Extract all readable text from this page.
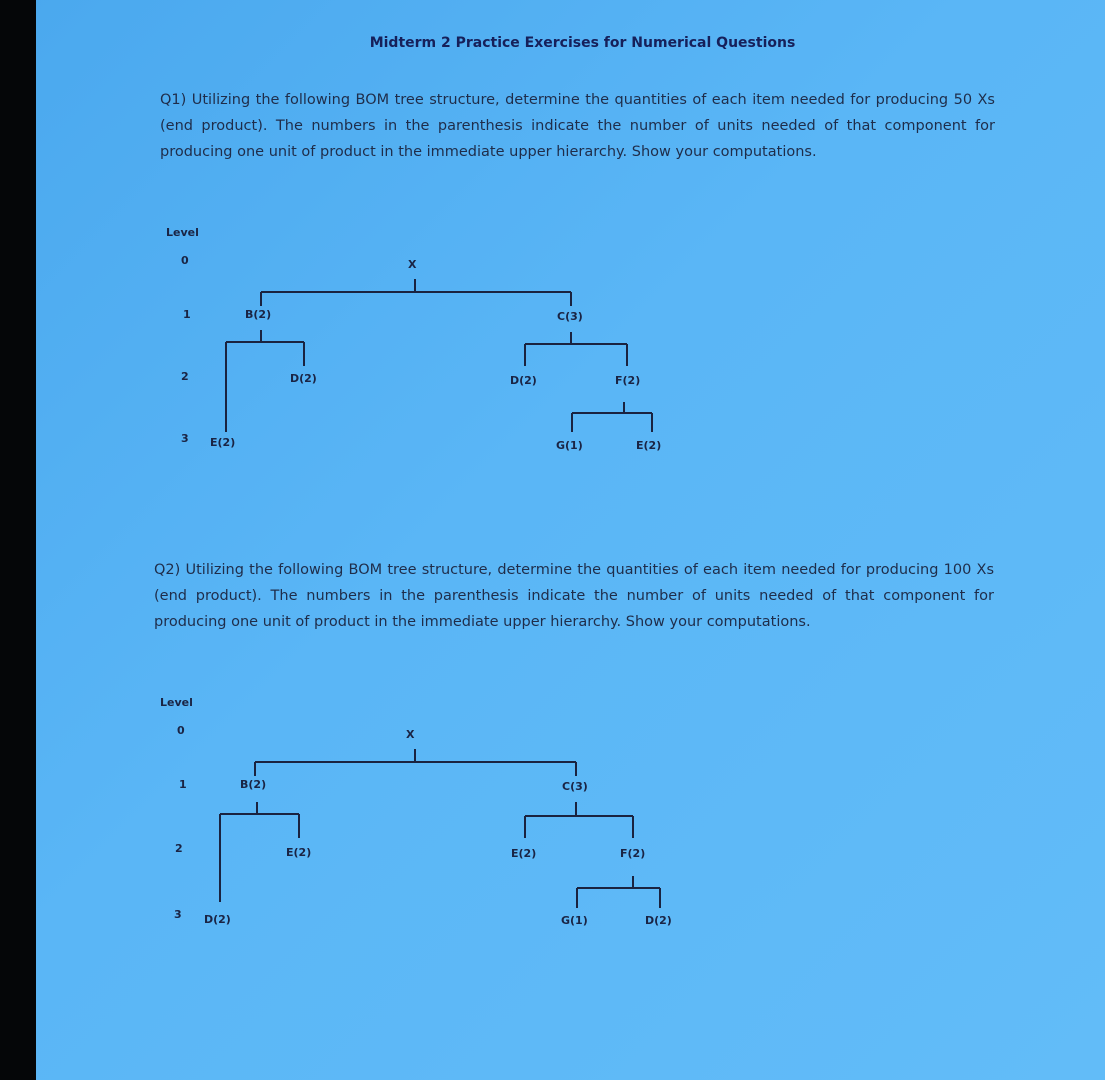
Midterm 2 Practice Exercises for Numerical Questions
Q1) Utilizing the following BOM tree structure, determine the quantities of each item needed for producing 50 Xs (end product). The numbers in the parenthesis indicate the number of units needed of that component for producing one unit of product in the immediate upper hierarchy. Show your computations.
Level
0
1
2
3
X
B(2)	C(3)
D(2)
E(2)
D(2)	F(2)
G(1)	E(2)
Q2) Utilizing the following BOM tree structure, determine the quantities of each item needed for producing 100 Xs (end product). The numbers in the parenthesis indicate the number of units needed of that component for producing one unit of product in the immediate upper hierarchy. Show your computations.
Level
0
1
2
3
X
B(2)	C(3)
E(2)
D(2)
E(2)	F(2)
G(1)	D(2)
